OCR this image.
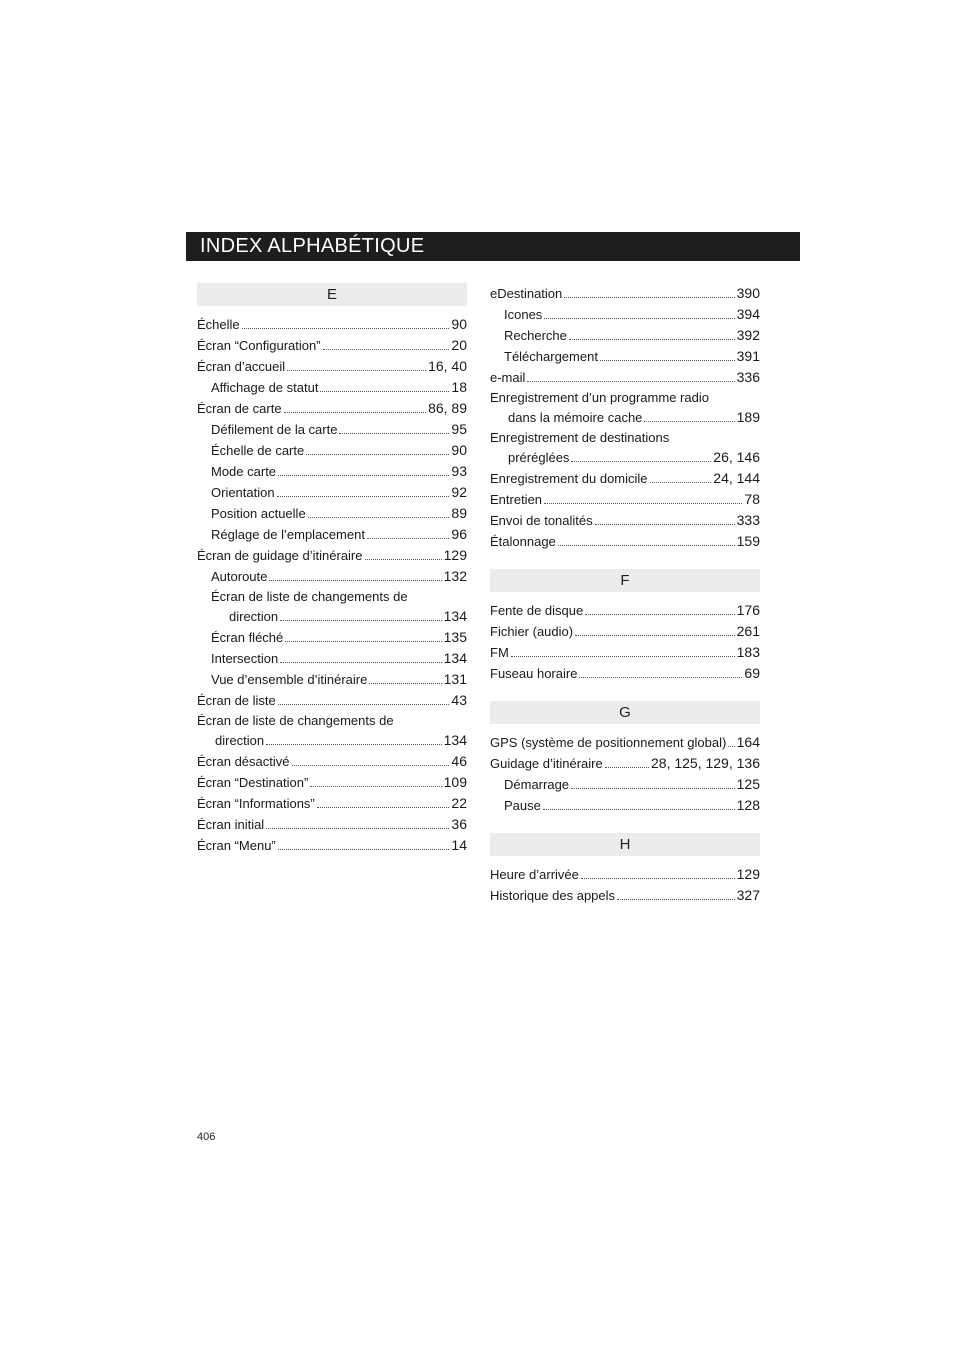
INDEX ALPHABÉTIQUE
E
Échelle	90
Écran “Configuration”	20
Écran d’accueil	16, 40
Affichage de statut	18
Écran de carte	86, 89
Défilement de la carte	95
Échelle de carte	90
Mode carte	93
Orientation	92
Position actuelle	89
Réglage de l’emplacement	96
Écran de guidage d’itinéraire	129
Autoroute	132
Écran de liste de changements de
direction	134
Écran fléché	135
Intersection	134
Vue d’ensemble d’itinéraire	131
Écran de liste	43
Écran de liste de changements de
direction	134
Écran désactivé	46
Écran “Destination”	109
Écran “Informations”	22
Écran initial	36
Écran “Menu”	14
eDestination	390
Icones	394
Recherche	392
Téléchargement	391
e-mail	336
Enregistrement d’un programme radio
dans la mémoire cache	189
Enregistrement de destinations
préréglées	26, 146
Enregistrement du domicile	24, 144
Entretien	78
Envoi de tonalités	333
Étalonnage	159
F
Fente de disque	176
Fichier (audio)	261
FM	183
Fuseau horaire	69
G
GPS (système de positionnement global) 164
Guidage d’itinéraire	28, 125, 129, 136
Démarrage	125
Pause	128
H
Heure d’arrivée	129
Historique des appels	327
406
